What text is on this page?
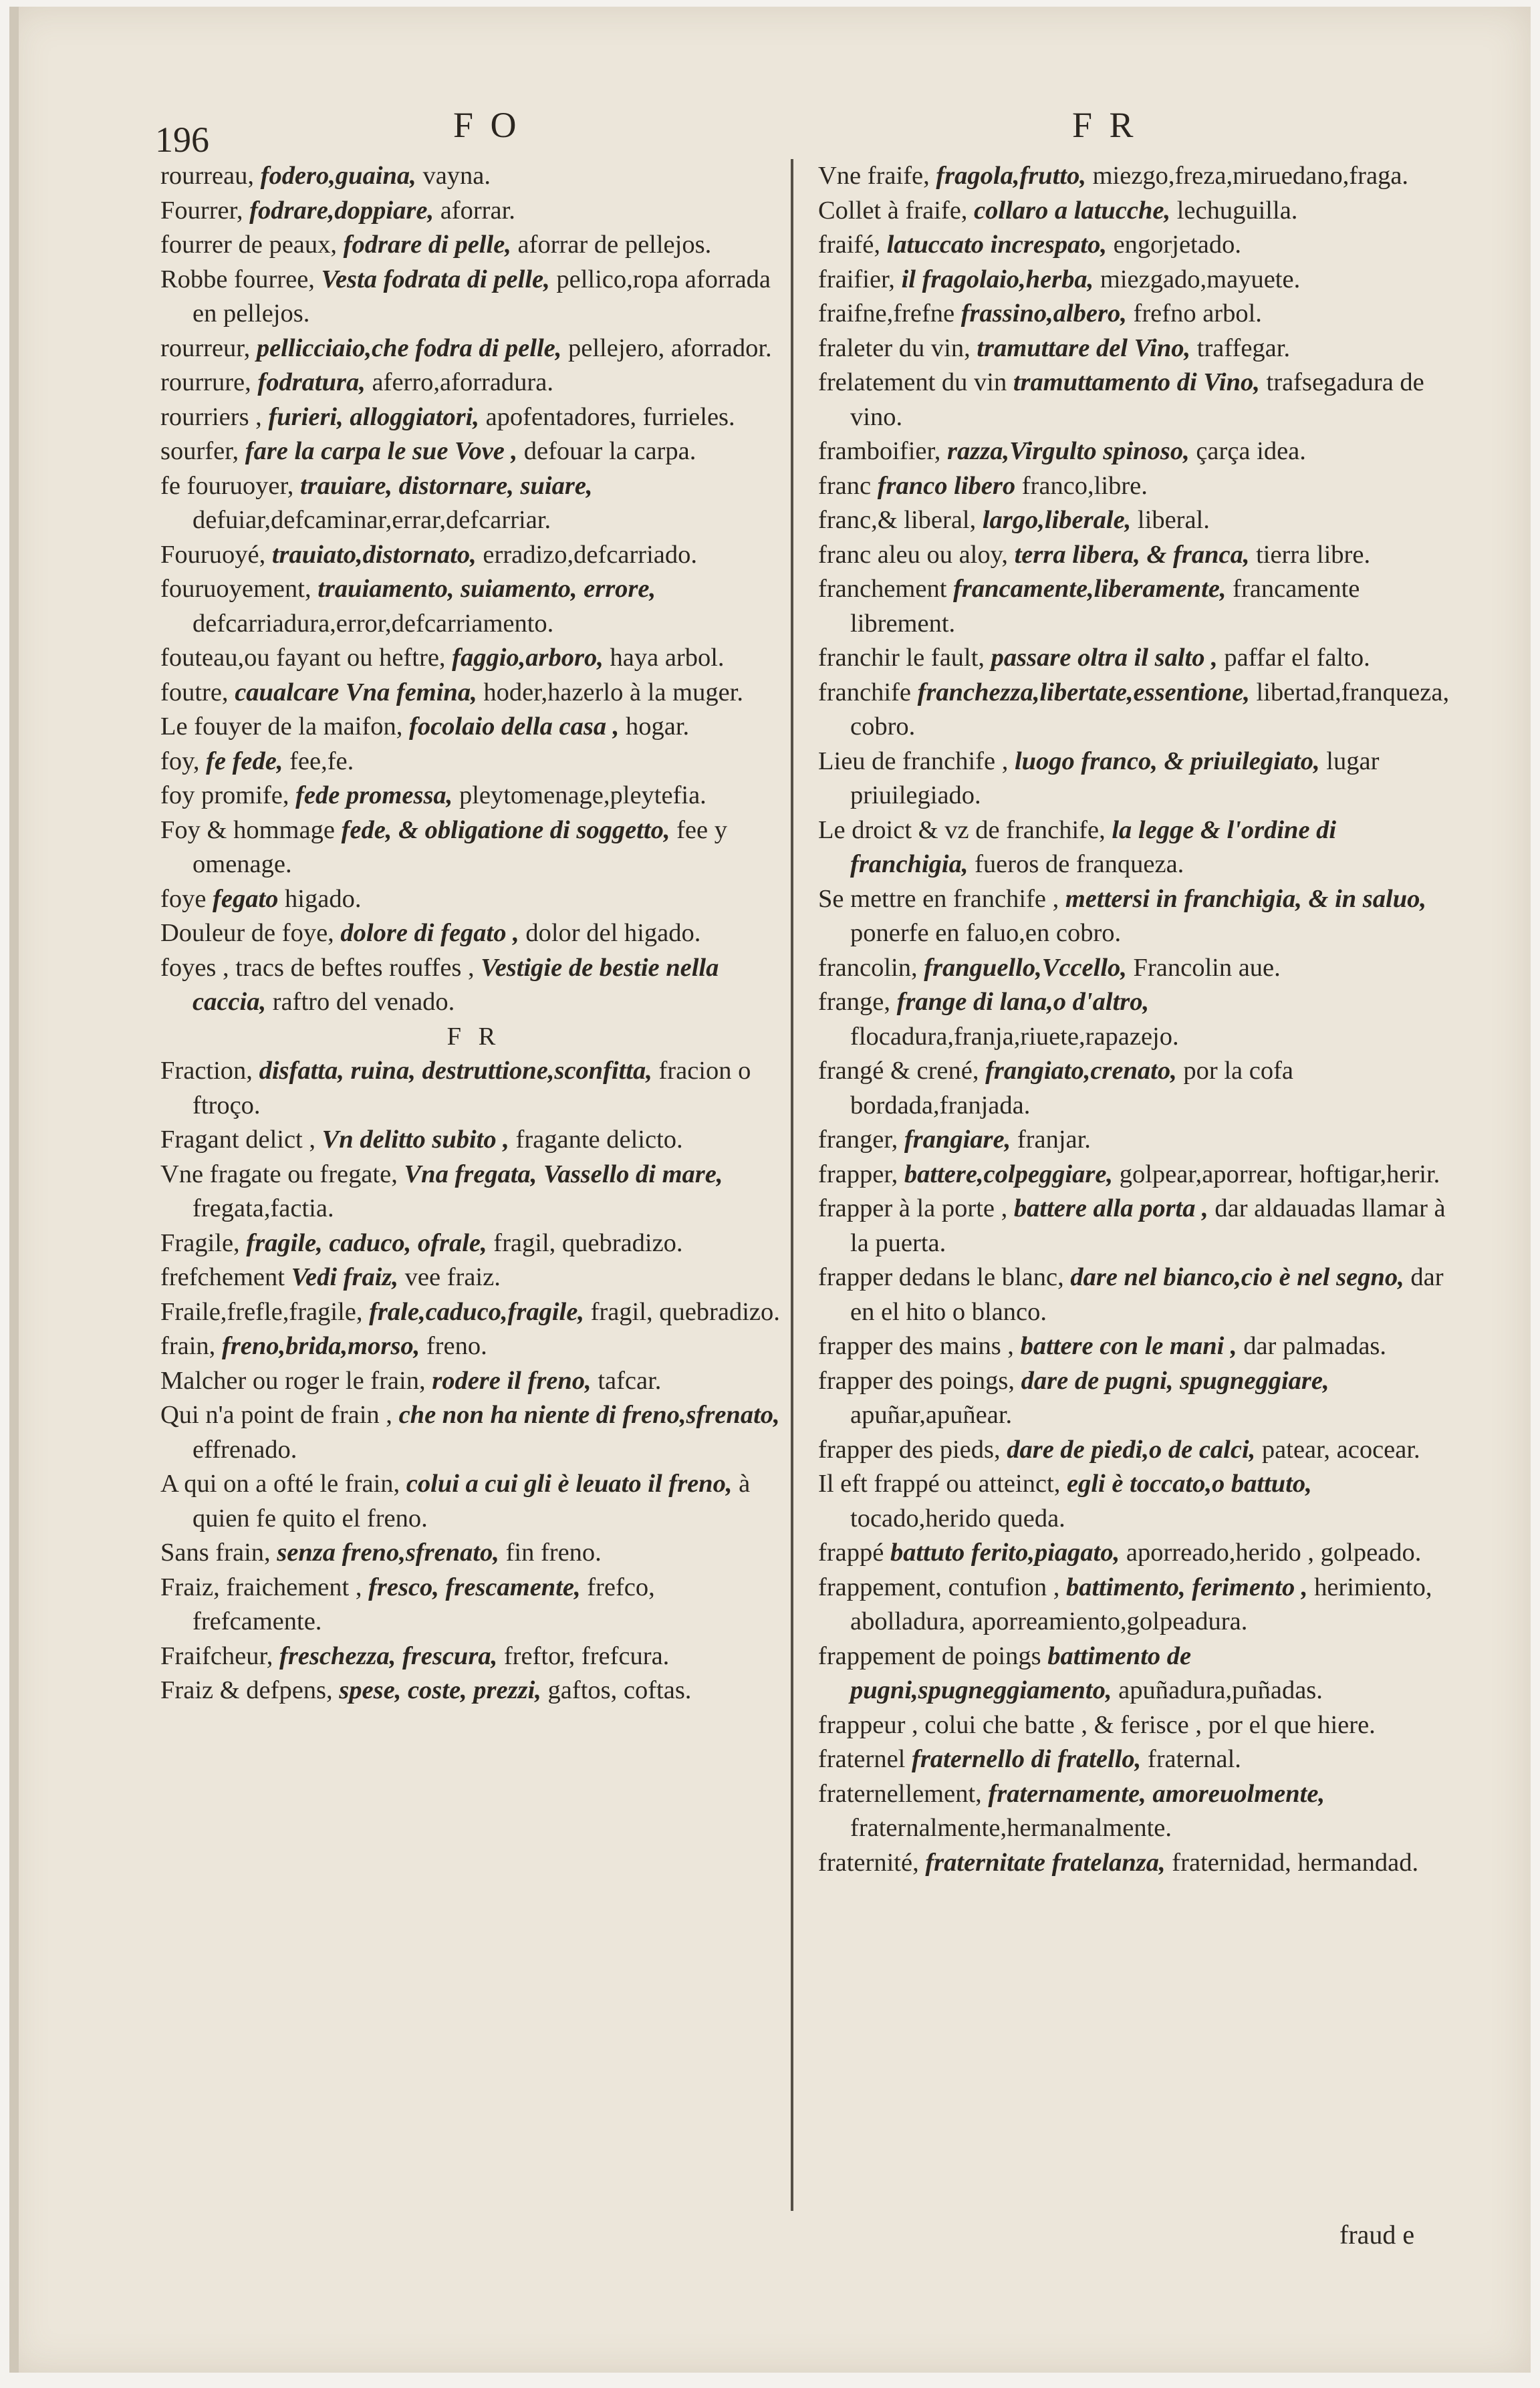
196	F O	F R

rourreau, fodero,guaina, vayna.

Fourrer, fodrare,doppiare, aforrar.

fourrer de peaux, fodrare di pelle, aforrar de pellejos.

Robbe fourree, Vesta fodrata di pelle, pellico,ropa aforrada en pellejos.

rourreur, pellicciaio,che fodra di pelle, pellejero, aforrador.

rourrure, fodratura, aferro,aforradura.

rourriers , furieri, alloggiatori, apofentadores, furrieles.

sourfer, fare la carpa le sue Vove , defouar la carpa.

fe fouruoyer, trauiare, distornare, suiare, defuiar,defcaminar,errar,defcarriar.

Fouruoyé, trauiato,distornato, erradizo,defcarriado.

fouruoyement, trauiamento, suiamento, errore, defcarriadura,error,defcarriamento.

fouteau,ou fayant ou heftre, faggio,arboro, haya arbol.

foutre, caualcare Vna femina, hoder,hazerlo à la muger.

Le fouyer de la maifon, focolaio della casa , hogar.

foy, fe fede, fee,fe.

foy promife, fede promessa, pleytomenage,pleytefia.

Foy & hommage fede, & obligatione di soggetto, fee y omenage.

foye fegato higado.

Douleur de foye, dolore di fegato , dolor del higado.

foyes , tracs de beftes rouffes , Vestigie de bestie nella caccia, raftro del venado.

F R

Fraction, disfatta, ruina, destruttione,sconfitta, fracion o ftroço.

Fragant delict , Vn delitto subito , fragante delicto.

Vne fragate ou fregate, Vna fregata, Vassello di mare, fregata,factia.

Fragile, fragile, caduco, ofrale, fragil, quebradizo.

frefchement Vedi fraiz, vee fraiz.

Fraile,frefle,fragile, frale,caduco,fragile, fragil, quebradizo.

frain, freno,brida,morso, freno.

Malcher ou roger le frain, rodere il freno, tafcar.

Qui n'a point de frain , che non ha niente di freno,sfrenato, effrenado.

A qui on a ofté le frain, colui a cui gli è leuato il freno, à quien fe quito el freno.

Sans frain, senza freno,sfrenato, fin freno.

Fraiz, fraichement , fresco, frescamente, frefco, frefcamente.

Fraifcheur, freschezza, frescura, freftor, frefcura.

Fraiz & defpens, spese, coste, prezzi, gaftos, coftas.

Vne fraife, fragola,frutto, miezgo,freza,miruedano,fraga.

Collet à fraife, collaro a latucche, lechuguilla.

fraifé, latuccato increspato, engorjetado.

fraifier, il fragolaio,herba, miezgado,mayuete.

fraifne,frefne frassino,albero, frefno arbol.

fraleter du vin, tramuttare del Vino, traffegar.

frelatement du vin tramuttamento di Vino, trafsegadura de vino.

framboifier, razza,Virgulto spinoso, çarça idea.

franc franco libero franco,libre.

franc,& liberal, largo,liberale, liberal.

franc aleu ou aloy, terra libera, & franca, tierra libre.

franchement francamente,liberamente, francamente librement.

franchir le fault, passare oltra il salto , paffar el falto.

franchife franchezza,libertate,essentione, libertad,franqueza, cobro.

Lieu de franchife , luogo franco, & priuilegiato, lugar priuilegiado.

Le droict & vz de franchife, la legge & l'ordine di franchigia, fueros de franqueza.

Se mettre en franchife , mettersi in franchigia, & in saluo, ponerfe en faluo,en cobro.

francolin, franguello,Vccello, Francolin aue.

frange, frange di lana,o d'altro, flocadura,franja,riuete,rapazejo.

frangé & crené, frangiato,crenato, por la cofa bordada,franjada.

franger, frangiare, franjar.

frapper, battere,colpeggiare, golpear,aporrear, hoftigar,herir.

frapper à la porte , battere alla porta , dar aldauadas llamar à la puerta.

frapper dedans le blanc, dare nel bianco,cio è nel segno, dar en el hito o blanco.

frapper des mains , battere con le mani , dar palmadas.

frapper des poings, dare de pugni, spugneggiare, apuñar,apuñear.

frapper des pieds, dare de piedi,o de calci, patear, acocear.

Il eft frappé ou atteinct, egli è toccato,o battuto, tocado,herido queda.

frappé battuto ferito,piagato, aporreado,herido , golpeado.

frappement, contufion , battimento, ferimento , herimiento, abolladura, aporreamiento,golpeadura.

frappement de poings battimento de pugni,spugneggiamento, apuñadura,puñadas.

frappeur , colui che batte , & ferisce , por el que hiere.

fraternel fraternello di fratello, fraternal.

fraternellement, fraternamente, amoreuolmente, fraternalmente,hermanalmente.

fraternité, fraternitate fratelanza, fraternidad, hermandad.

fraud e
